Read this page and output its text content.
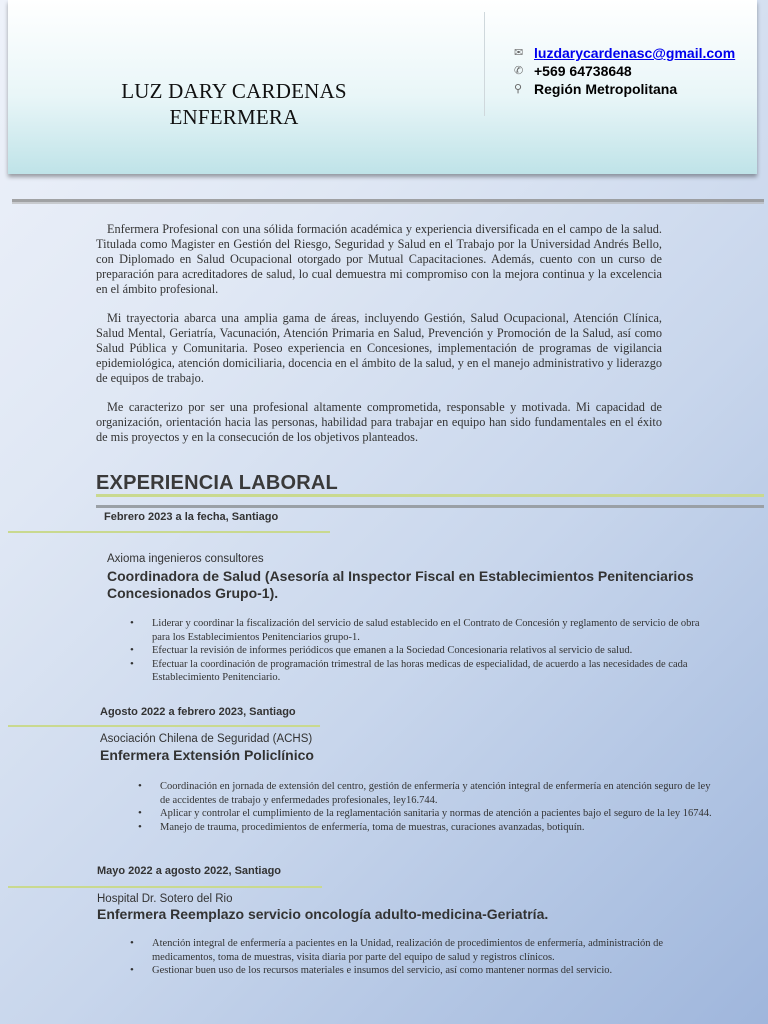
LUZ DARY CARDENAS
ENFERMERA
✉ luzdarycardenasc@gmail.com
✆ +569 64738648
⚲ Región Metropolitana

Enfermera Profesional con una sólida formación académica y experiencia diversificada en el campo de la salud. Titulada como Magister en Gestión del Riesgo, Seguridad y Salud en el Trabajo por la Universidad Andrés Bello, con Diplomado en Salud Ocupacional otorgado por Mutual Capacitaciones. Además, cuento con un curso de preparación para acreditadores de salud, lo cual demuestra mi compromiso con la mejora continua y la excelencia en el ámbito profesional.

Mi trayectoria abarca una amplia gama de áreas, incluyendo Gestión, Salud Ocupacional, Atención Clínica, Salud Mental, Geriatría, Vacunación, Atención Primaria en Salud, Prevención y Promoción de la Salud, así como Salud Pública y Comunitaria. Poseo experiencia en Concesiones, implementación de programas de vigilancia epidemiológica, atención domiciliaria, docencia en el ámbito de la salud, y en el manejo administrativo y liderazgo de equipos de trabajo.

Me caracterizo por ser una profesional altamente comprometida, responsable y motivada. Mi capacidad de organización, orientación hacia las personas, habilidad para trabajar en equipo han sido fundamentales en el éxito de mis proyectos y en la consecución de los objetivos planteados.

EXPERIENCIA LABORAL
Febrero 2023 a la fecha, Santiago
Axioma ingenieros consultores
Coordinadora de Salud (Asesoría al Inspector Fiscal en Establecimientos Penitenciarios Concesionados Grupo-1).
• Liderar y coordinar la fiscalización del servicio de salud establecido en el Contrato de Concesión y reglamento de servicio de obra para los Establecimientos Penitenciarios grupo-1.
• Efectuar la revisión de informes periódicos que emanen a la Sociedad Concesionaria relativos al servicio de salud.
• Efectuar la coordinación de programación trimestral de las horas medicas de especialidad, de acuerdo a las necesidades de cada Establecimiento Penitenciario.
Agosto 2022 a febrero 2023, Santiago
Asociación Chilena de Seguridad (ACHS)
Enfermera Extensión Policlínico
• Coordinación en jornada de extensión del centro, gestión de enfermería y atención integral de enfermería en atención seguro de ley de accidentes de trabajo y enfermedades profesionales, ley16.744.
• Aplicar y controlar el cumplimiento de la reglamentación sanitaria y normas de atención a pacientes bajo el seguro de la ley 16744.
• Manejo de trauma, procedimientos de enfermería, toma de muestras, curaciones avanzadas, botiquín.
Mayo 2022 a agosto 2022, Santiago
Hospital Dr. Sotero del Rio
Enfermera Reemplazo servicio oncología adulto-medicina-Geriatría.
• Atención integral de enfermería a pacientes en la Unidad, realización de procedimientos de enfermería, administración de medicamentos, toma de muestras, visita diaria por parte del equipo de salud y registros clínicos.
• Gestionar buen uso de los recursos materiales e insumos del servicio, así como mantener normas del servicio.
